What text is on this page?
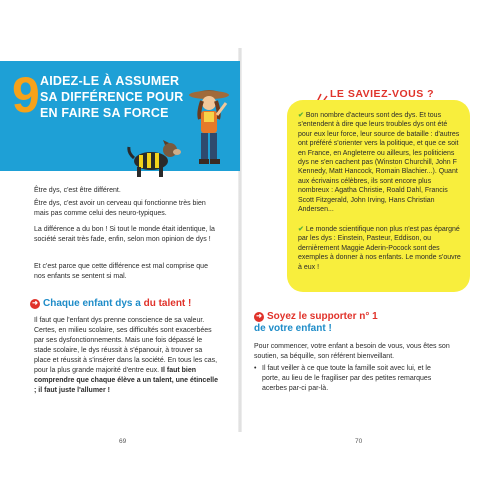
9 AIDEZ-LE À ASSUMER
SA DIFFÉRENCE POUR
EN FAIRE SA FORCE

Être dys, c'est être différent.

Être dys, c'est avoir un cerveau qui fonctionne très bien mais pas comme celui des neuro-typiques.

La différence a du bon ! Si tout le monde était identique, la société serait très fade, enfin, selon mon opinion de dys !

Et c'est parce que cette différence est mal comprise que nos enfants se sentent si mal.

➜ Chaque enfant dys a du talent !

Il faut que l'enfant dys prenne conscience de sa valeur. Certes, en milieu scolaire, ses difficultés sont exacerbées par ses dysfonctionnements. Mais une fois dépassé le stade scolaire, le dys réussit à s'épanouir, à trouver sa place et réussit à s'insérer dans la société. En tous les cas, pour la plus grande majorité d'entre eux. Il faut bien comprendre que chaque élève a un talent, une étincelle ; il faut juste l'allumer !

69
LE SAVIEZ-VOUS ?

✔ Bon nombre d'acteurs sont des dys. Et tous s'entendent à dire que leurs troubles dys ont été pour eux leur force, leur source de bataille : d'autres ont préféré s'orienter vers la politique, et que ce soit en France, en Angleterre ou ailleurs, les politiciens dys ne s'en cachent pas (Winston Churchill, John F Kennedy, Matt Hancock, Romain Blachier...). Quant aux écrivains célèbres, ils sont encore plus nombreux : Agatha Christie, Roald Dahl, Francis Scott Fitzgerald, John Irving, Hans Christian Andersen...

✔ Le monde scientifique non plus n'est pas épargné par les dys : Einstein, Pasteur, Eddison, ou dernièrement Maggie Aderin-Pocock sont des exemples à donner à nos enfants. Le monde s'ouvre à eux !

➜ Soyez le supporter n° 1
de votre enfant !

Pour commencer, votre enfant a besoin de vous, vous êtes son soutien, sa béquille, son référent bienveillant.

• Il faut veiller à ce que toute la famille soit avec lui, et le porte, au lieu de le fragiliser par des petites remarques acerbes par-ci par-là.
70
